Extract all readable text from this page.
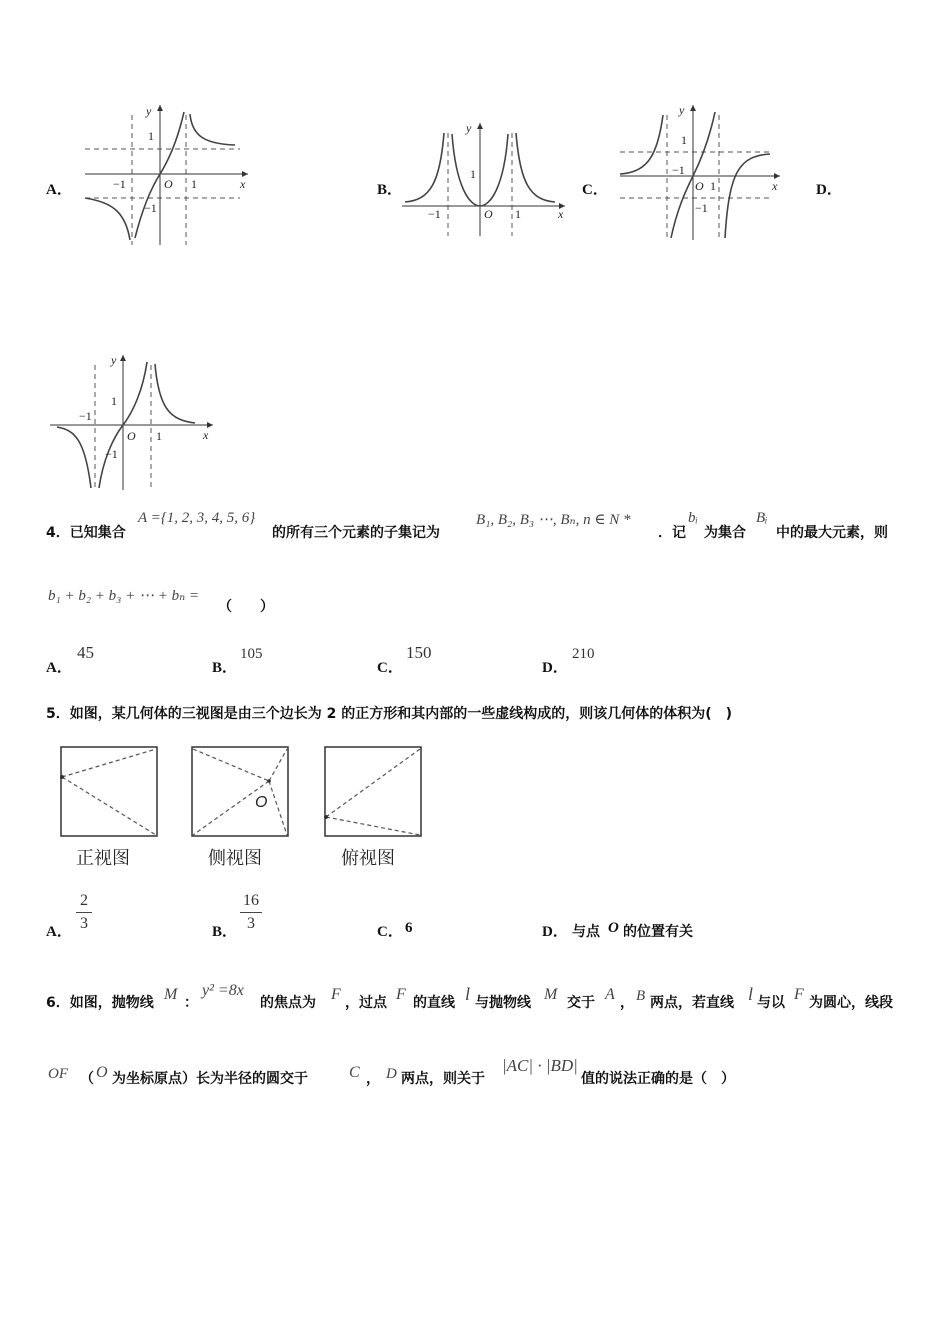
A．
y
1
O 1
−1
−1
x	B．
y
1
O 1
−1	x
C．
y
1
−1
O 1
−1
x	D．
y
1
−1
O 1
−1
x
4．已知集合
A ={1, 2, 3, 4, 5, 6}
的所有三个元素的子集记为
B₁, B₂, B₃ ⋯, Bₙ, n ∈ N *
．记
bᵢ
为集合
Bᵢ
中的最大元素，则
b₁ + b₂ + b₃ + ⋯ + bₙ =
（　　）
A．
45
B．
105
C．
150
D．
210
5．如图，某几何体的三视图是由三个边长为 2 的正方形和其内部的一些虚线构成的，则该几何体的体积为(　)
正视图
O
侧视图	俯视图
A．
2
3	B．
16
3	C． 6	D． 与点 O 的位置有关
6．如图，抛物线 M ：
y² =8x
的焦点为 F ，过点 F 的直线 l 与抛物线 M 交于 A ， B 两点，若直线 l 与以 F 为圆心，线段
OF （ O 为坐标原点）长为半径的圆交于	C ， D 两点，则关于
|AC| · |BD|
值的说法正确的是（　）
